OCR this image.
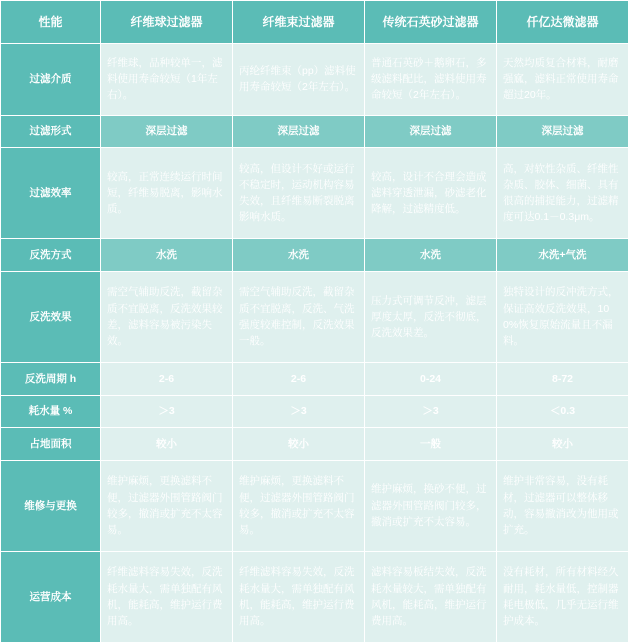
性能	纤维球过滤器	纤维束过滤器	传统石英砂过滤器	仟亿达微滤器
过滤介质	纤维球，品种较单一，滤料使用寿命较短（1年左右）。	丙纶纤维束（pp）滤料使用寿命较短（2年左右）。	普通石英砂＋鹅卵石，多级滤料配比，滤料使用寿命较短（2年左右）。	天然均质复合材料，耐磨强寙，滤料正常使用寿命超过20年。
过滤形式	深层过滤	深层过滤	深层过滤	深层过滤
过滤效率	较高，正常连续运行时间短，纤维易脱离，影响水质。	较高，但设计不好或运行不稳定时，运动机构容易失效，且纤维易断裂脱离影响水质。	较高，设计不合理会造成滤料穿透泄漏，砂滤老化降解，过滤精度低。	高，对软性杂质、纤维性杂质、胶体、细菌、具有很高的捕捉能力，过滤精度可达0.1－0.3μm。
反洗方式	水洗	水洗	水洗	水洗+气洗
反洗效果	需空气辅助反洗，截留杂质不宜脱离，反洗效果较差，滤料容易被污染失效。	需空气辅助反洗，截留杂质不宜脱离，反洗、气洗强度较难控制，反洗效果一般。	压力式可调节反冲，滤层厚度太厚，反洗不彻底，反洗效果差。	独特设计的反冲洗方式，保证高效反洗效果，100%恢复原始流量且不漏料。
反洗周期 h	2-6	2-6	0-24	8-72
耗水量 %	＞3	＞3	＞3	＜0.3
占地面积	较小	较小	一般	较小
维修与更换	维护麻烦，更换滤料不便，过滤器外围管路阀门较多，撤消或扩充不太容易。	维护麻烦，更换滤料不便，过滤器外围管路阀门较多，撤消或扩充不太容易。	维护麻烦，换砂不便，过滤器外围管路阀门较多，撤消或扩充不太容易。	维护非常容易，没有耗材，过滤器可以整体移动，容易撤消改为他用或扩充。
运营成本	纤维滤料容易失效，反洗耗水量大，需单独配有风机，能耗高，维护运行费用高。	纤维滤料容易失效，反洗耗水量大，需单独配有风机，能耗高，维护运行费用高。	滤料容易板结失效，反洗耗水量较大，需单独配有风机，能耗高，维护运行费用高。	没有耗材，所有材料经久耐用，耗水量低，控制器耗电极低，几乎无运行维护成本。
